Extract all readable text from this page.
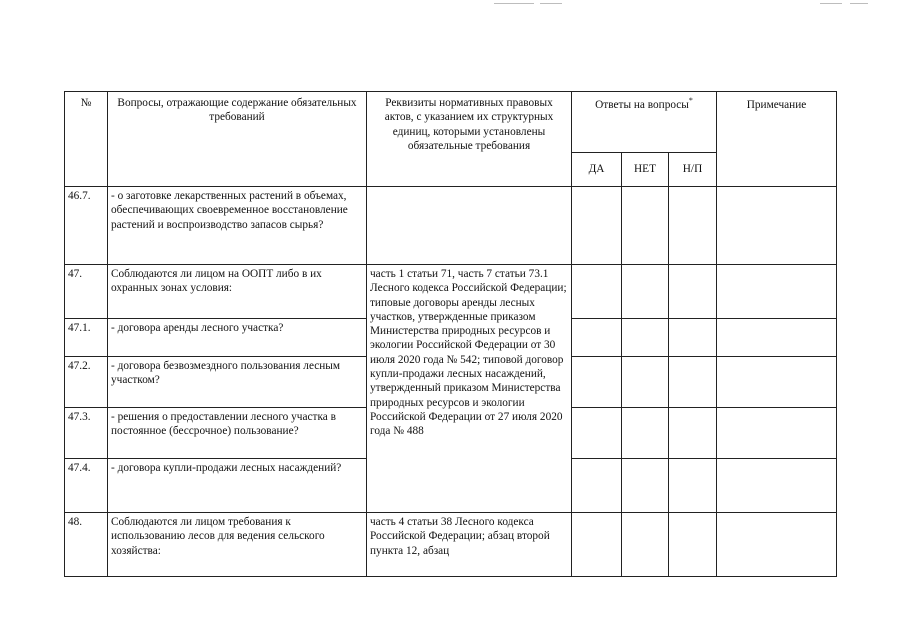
№	Вопросы, отражающие содержание обязательных требований	Реквизиты нормативных правовых актов, с указанием их структурных единиц, которыми установлены обязательные требования	Ответы на вопросы*			Примечание
			ДА	НЕТ	Н/П	
46.7.	- о заготовке лекарственных растений в объемах, обеспечивающих своевременное восстановление растений и воспроизводство запасов сырья?					
47.	Соблюдаются ли лицом на ООПТ либо в их охранных зонах условия:	часть 1 статьи 71, часть 7 статьи 73.1 Лесного кодекса Российской Федерации; типовые договоры аренды лесных участков, утвержденные приказом Министерства природных ресурсов и экологии Российской Федерации от 30 июля 2020 года № 542; типовой договор купли-продажи лесных насаждений, утвержденный приказом Министерства природных ресурсов и экологии Российской Федерации от 27 июля 2020 года № 488				
47.1.	- договора аренды лесного участка?					
47.2.	- договора безвозмездного пользования лесным участком?					
47.3.	- решения о предоставлении лесного участка в постоянное (бессрочное) пользование?					
47.4.	- договора купли-продажи лесных насаждений?					
48.	Соблюдаются ли лицом требования к использованию лесов для ведения сельского хозяйства:	часть 4 статьи 38 Лесного кодекса Российской Федерации; абзац второй пункта 12, абзац				
